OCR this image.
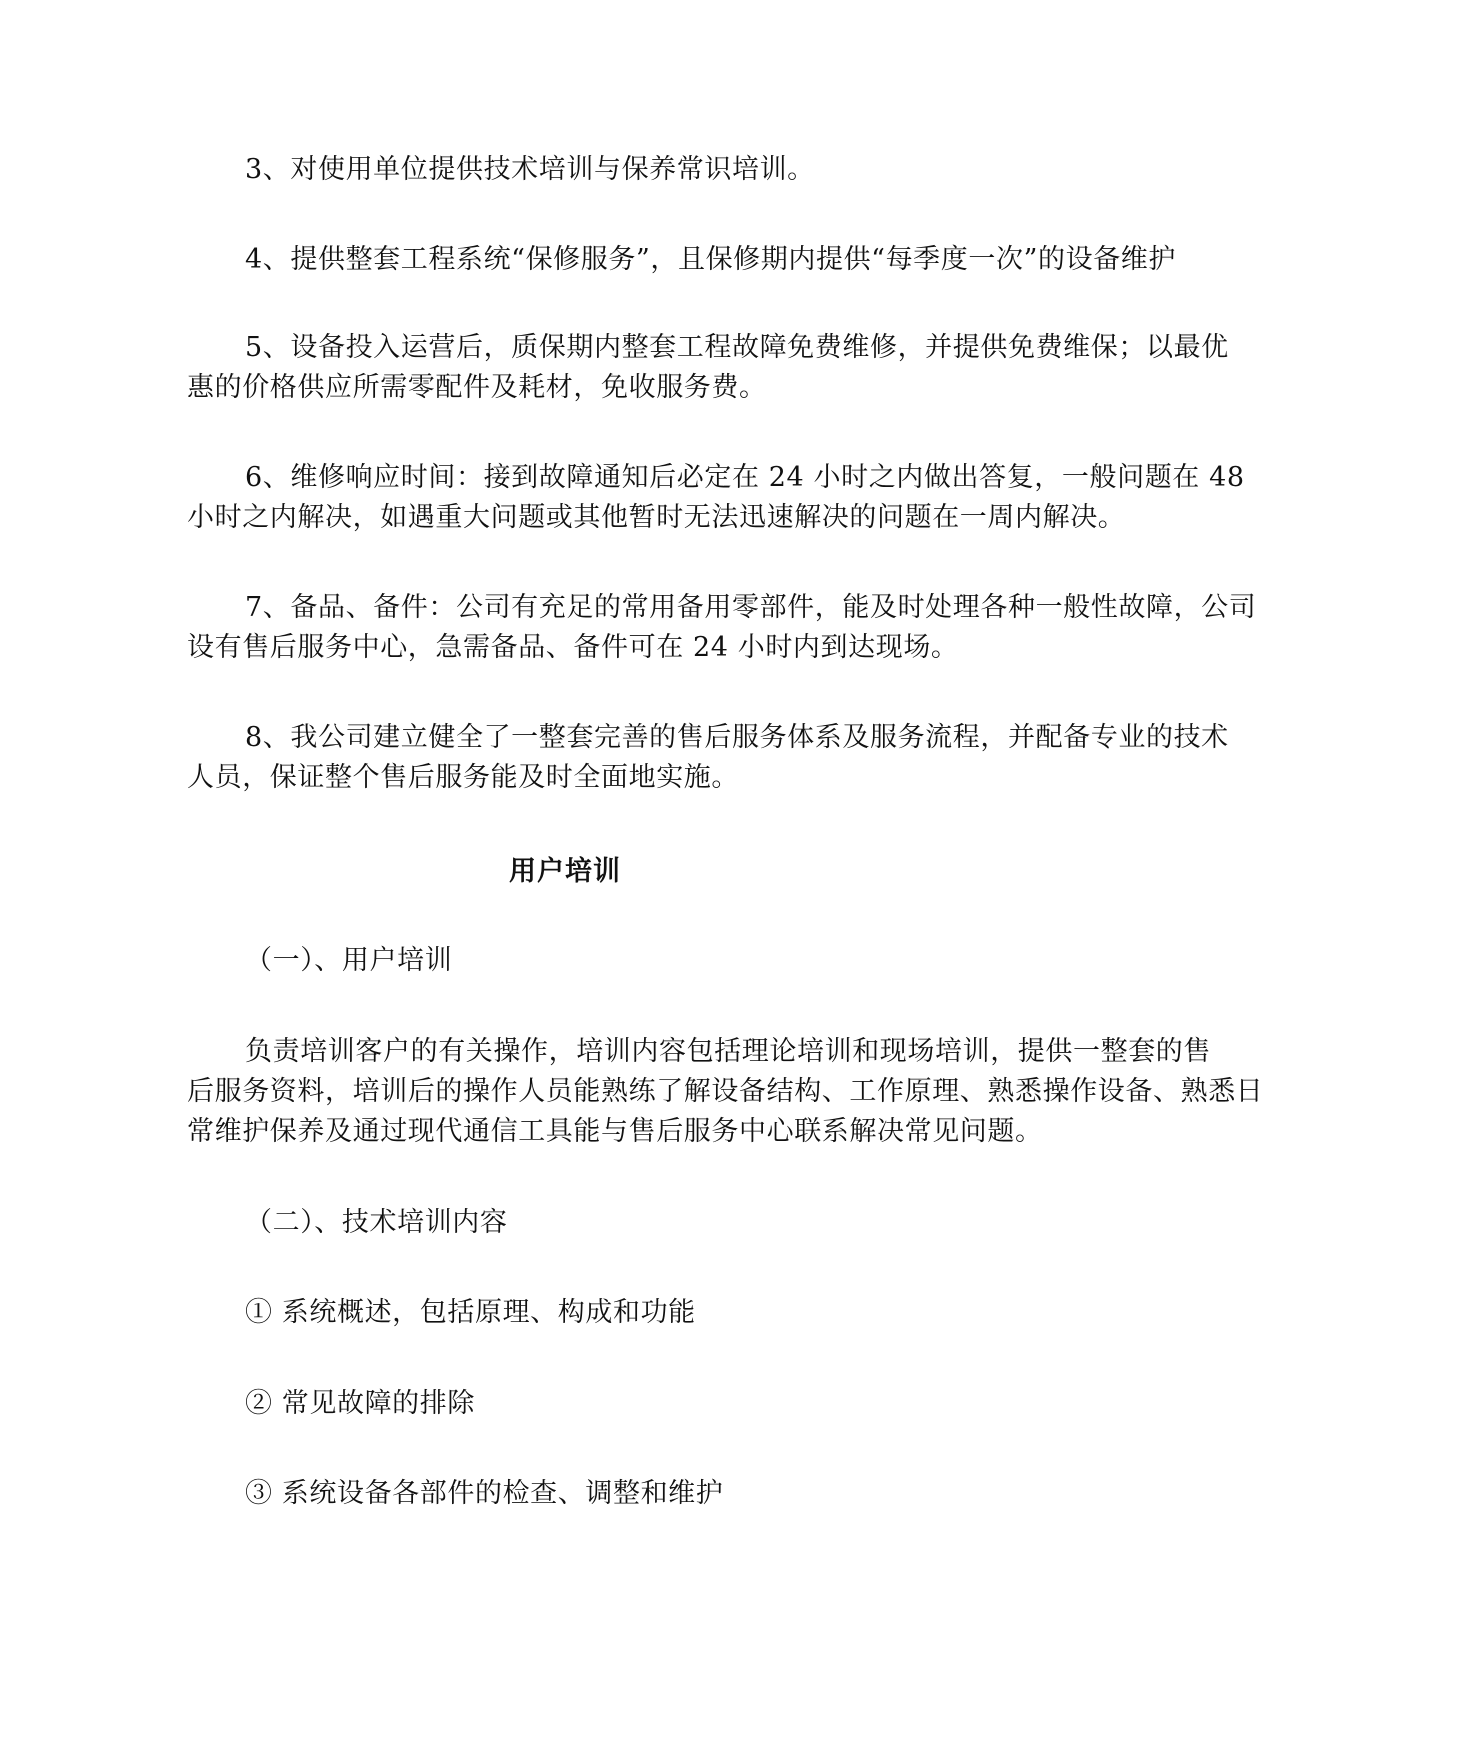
3、对使用单位提供技术培训与保养常识培训。

4、提供整套工程系统“保修服务”，且保修期内提供“每季度一次”的设备维护

5、设备投入运营后，质保期内整套工程故障免费维修，并提供免费维保；以最优
惠的价格供应所需零配件及耗材，免收服务费。

6、维修响应时间：接到故障通知后必定在 24 小时之内做出答复，一般问题在 48
小时之内解决，如遇重大问题或其他暂时无法迅速解决的问题在一周内解决。

7、备品、备件：公司有充足的常用备用零部件，能及时处理各种一般性故障，公司
设有售后服务中心，急需备品、备件可在 24 小时内到达现场。

8、我公司建立健全了一整套完善的售后服务体系及服务流程，并配备专业的技术
人员，保证整个售后服务能及时全面地实施。

用户培训

（一）、用户培训

负责培训客户的有关操作，培训内容包括理论培训和现场培训，提供一整套的售
后服务资料，培训后的操作人员能熟练了解设备结构、工作原理、熟悉操作设备、熟悉日
常维护保养及通过现代通信工具能与售后服务中心联系解决常见问题。

（二）、技术培训内容

① 系统概述，包括原理、构成和功能

② 常见故障的排除

③ 系统设备各部件的检查、调整和维护
